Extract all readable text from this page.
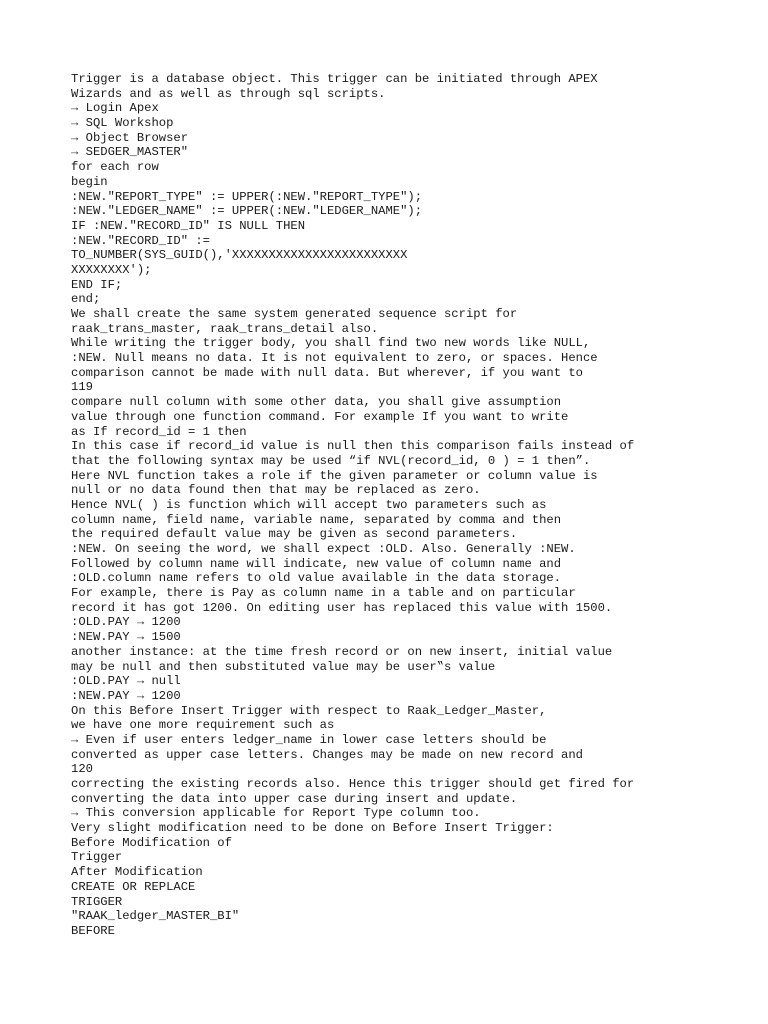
Trigger is a database object. This trigger can be initiated through APEX
Wizards and as well as through sql scripts.
→ Login Apex
→ SQL Workshop
→ Object Browser
→ SEDGER_MASTER"
for each row
begin
:NEW."REPORT_TYPE" := UPPER(:NEW."REPORT_TYPE");
:NEW."LEDGER_NAME" := UPPER(:NEW."LEDGER_NAME");
IF :NEW."RECORD_ID" IS NULL THEN
:NEW."RECORD_ID" :=
TO_NUMBER(SYS_GUID(),'XXXXXXXXXXXXXXXXXXXXXXXX
XXXXXXXX');
END IF;
end;
We shall create the same system generated sequence script for
raak_trans_master, raak_trans_detail also.
While writing the trigger body, you shall find two new words like NULL,
:NEW. Null means no data. It is not equivalent to zero, or spaces. Hence
comparison cannot be made with null data. But wherever, if you want to
119
compare null column with some other data, you shall give assumption
value through one function command. For example If you want to write
as If record_id = 1 then
In this case if record_id value is null then this comparison fails instead of
that the following syntax may be used “if NVL(record_id, 0 ) = 1 then”.
Here NVL function takes a role if the given parameter or column value is
null or no data found then that may be replaced as zero.
Hence NVL( ) is function which will accept two parameters such as
column name, field name, variable name, separated by comma and then
the required default value may be given as second parameters.
:NEW. On seeing the word, we shall expect :OLD. Also. Generally :NEW.
Followed by column name will indicate, new value of column name and
:OLD.column name refers to old value available in the data storage.
For example, there is Pay as column name in a table and on particular
record it has got 1200. On editing user has replaced this value with 1500.
:OLD.PAY → 1200
:NEW.PAY → 1500
another instance: at the time fresh record or on new insert, initial value
may be null and then substituted value may be user‟s value
:OLD.PAY → null
:NEW.PAY → 1200
On this Before Insert Trigger with respect to Raak_Ledger_Master,
we have one more requirement such as
→ Even if user enters ledger_name in lower case letters should be
converted as upper case letters. Changes may be made on new record and
120
correcting the existing records also. Hence this trigger should get fired for
converting the data into upper case during insert and update.
→ This conversion applicable for Report Type column too.
Very slight modification need to be done on Before Insert Trigger:
Before Modification of
Trigger
After Modification
CREATE OR REPLACE
TRIGGER
"RAAK_ledger_MASTER_BI"
BEFORE
